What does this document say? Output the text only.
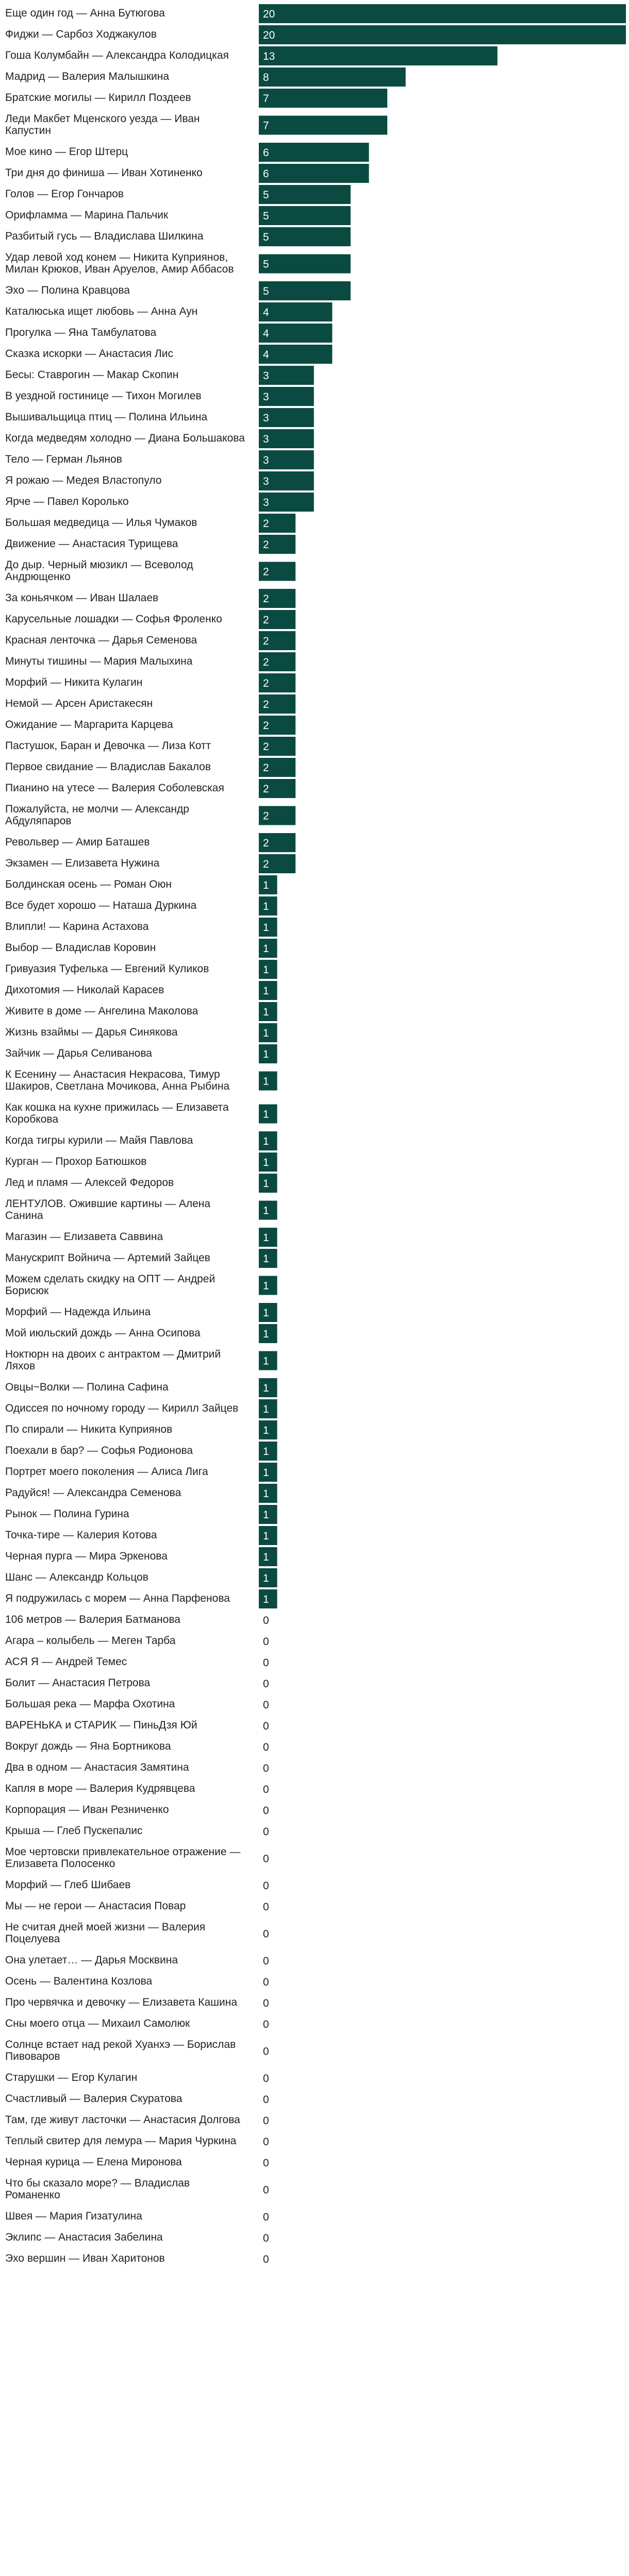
Еще один год — Анна Бутюгова	20
Фиджи — Сарбоз Ходжакулов	20
Гоша Колумбайн — Александра Колодицкая	13
Мадрид — Валерия Малышкина	8
Братские могилы — Кирилл Поздеев	7
Леди Макбет Мценского уезда — Иван Капустин	7
Мое кино — Егор Штерц	6
Три дня до финиша — Иван Хотиненко	6
Голов — Егор Гончаров	5
Орифламма — Марина Пальчик	5
Разбитый гусь — Владислава Шилкина	5
Удар левой ход конем — Никита Куприянов, Милан Крюков, Иван Аруелов, Амир Аббасов	5
Эхо — Полина Кравцова	5
Каталюська ищет любовь — Анна Аун	4
Прогулка — Яна Тамбулатова	4
Сказка искорки — Анастасия Лис	4
Бесы: Ставрогин — Макар Скопин	3
В уездной гостинице — Тихон Могилев	3
Вышивальщица птиц — Полина Ильина	3
Когда медведям холодно — Диана Большакова 3
Тело — Герман Льянов	3
Я рожаю — Медея Властопуло	3
Ярче — Павел Королько	3
Большая медведица — Илья Чумаков	2
Движение — Анастасия Турищева	2
До дыр. Черный мюзикл — Всеволод Андрющенко	2
За коньячком — Иван Шалаев	2
Карусельные лошадки — Софья Фроленко	2
Красная ленточка — Дарья Семенова	2
Минуты тишины — Мария Малыхина	2
Морфий — Никита Кулагин	2
Немой — Арсен Аристакесян	2
Ожидание — Маргарита Карцева	2
Пастушок, Баран и Девочка — Лиза Котт	2
Первое свидание — Владислав Бакалов	2
Пианино на утесе — Валерия Соболевская	2
Пожалуйста, не молчи — Александр Абдуляпаров	2
Револьвер — Амир Баташев	2
Экзамен — Елизавета Нужина	2
Болдинская осень — Роман Оюн	1
Все будет хорошо — Наташа Дуркина	1
Влипли! — Карина Астахова	1
Выбор — Владислав Коровин	1
Гривуазия Туфелька — Евгений Куликов	1
Дихотомия — Николай Карасев	1
Живите в доме — Ангелина Маколова	1
Жизнь взаймы — Дарья Синякова	1
Зайчик — Дарья Селиванова	1
К Есенину — Анастасия Некрасова, Тимур Шакиров, Светлана Мочикова, Анна Рыбина	1
Как кошка на кухне прижилась — Елизавета Коробкова	1
Когда тигры курили — Майя Павлова	1
Курган — Прохор Батюшков	1
Лед и пламя — Алексей Федоров	1
ЛЕНТУЛОВ. Ожившие картины — Алена Санина	1
Магазин — Елизавета Саввина	1
Манускрипт Войнича — Артемий Зайцев	1
Можем сделать скидку на ОПТ — Андрей Борисюк	1
Морфий — Надежда Ильина	1
Мой июльский дождь — Анна Осипова	1
Ноктюрн на двоих с антрактом — Дмитрий Ляхов	1
Овцы~Волки — Полина Сафина	1
Одиссея по ночному городу — Кирилл Зайцев 1
По спирали — Никита Куприянов	1
Поехали в бар? — Софья Родионова	1
Портрет моего поколения — Алиса Лига	1
Радуйся! — Александра Семенова	1
Рынок — Полина Гурина	1
Точка-тире — Калерия Котова	1
Черная пурга — Мира Эркенова	1
Шанс — Александр Кольцов	1
Я подружилась с морем — Анна Парфенова	1
106 метров — Валерия Батманова	0
Агара – колыбель — Меген Тарба	0
АСЯ Я — Андрей Темес	0
Болит — Анастасия Петрова	0
Большая река — Марфа Охотина	0
ВАРЕНЬКА и СТАРИК — ПиньДзя Юй	0
Вокруг дождь — Яна Бортникова	0
Два в одном — Анастасия Замятина	0
Капля в море — Валерия Кудрявцева	0
Корпорация — Иван Резниченко	0
Крыша — Глеб Пускепалис	0
Мое чертовски привлекательное отражение — Елизавета Полосенко	0
Морфий — Глеб Шибаев	0
Мы — не герои — Анастасия Повар	0
Не считая дней моей жизни — Валерия Поцелуева	0
Она улетает… — Дарья Москвина	0
Осень — Валентина Козлова	0
Про червячка и девочку — Елизавета Кашина 0
Сны моего отца — Михаил Самолюк	0
Солнце встает над рекой Хуанхэ — Борислав Пивоваров	0
Старушки — Егор Кулагин	0
Счастливый — Валерия Скуратова	0
Там, где живут ласточки — Анастасия Долгова 0
Теплый свитер для лемура — Мария Чуркина 0
Черная курица — Елена Миронова	0
Что бы сказало море? — Владислав Романенко	0
Швея — Мария Гизатулина	0
Эклипс — Анастасия Забелина	0
Эхо вершин — Иван Харитонов	0
